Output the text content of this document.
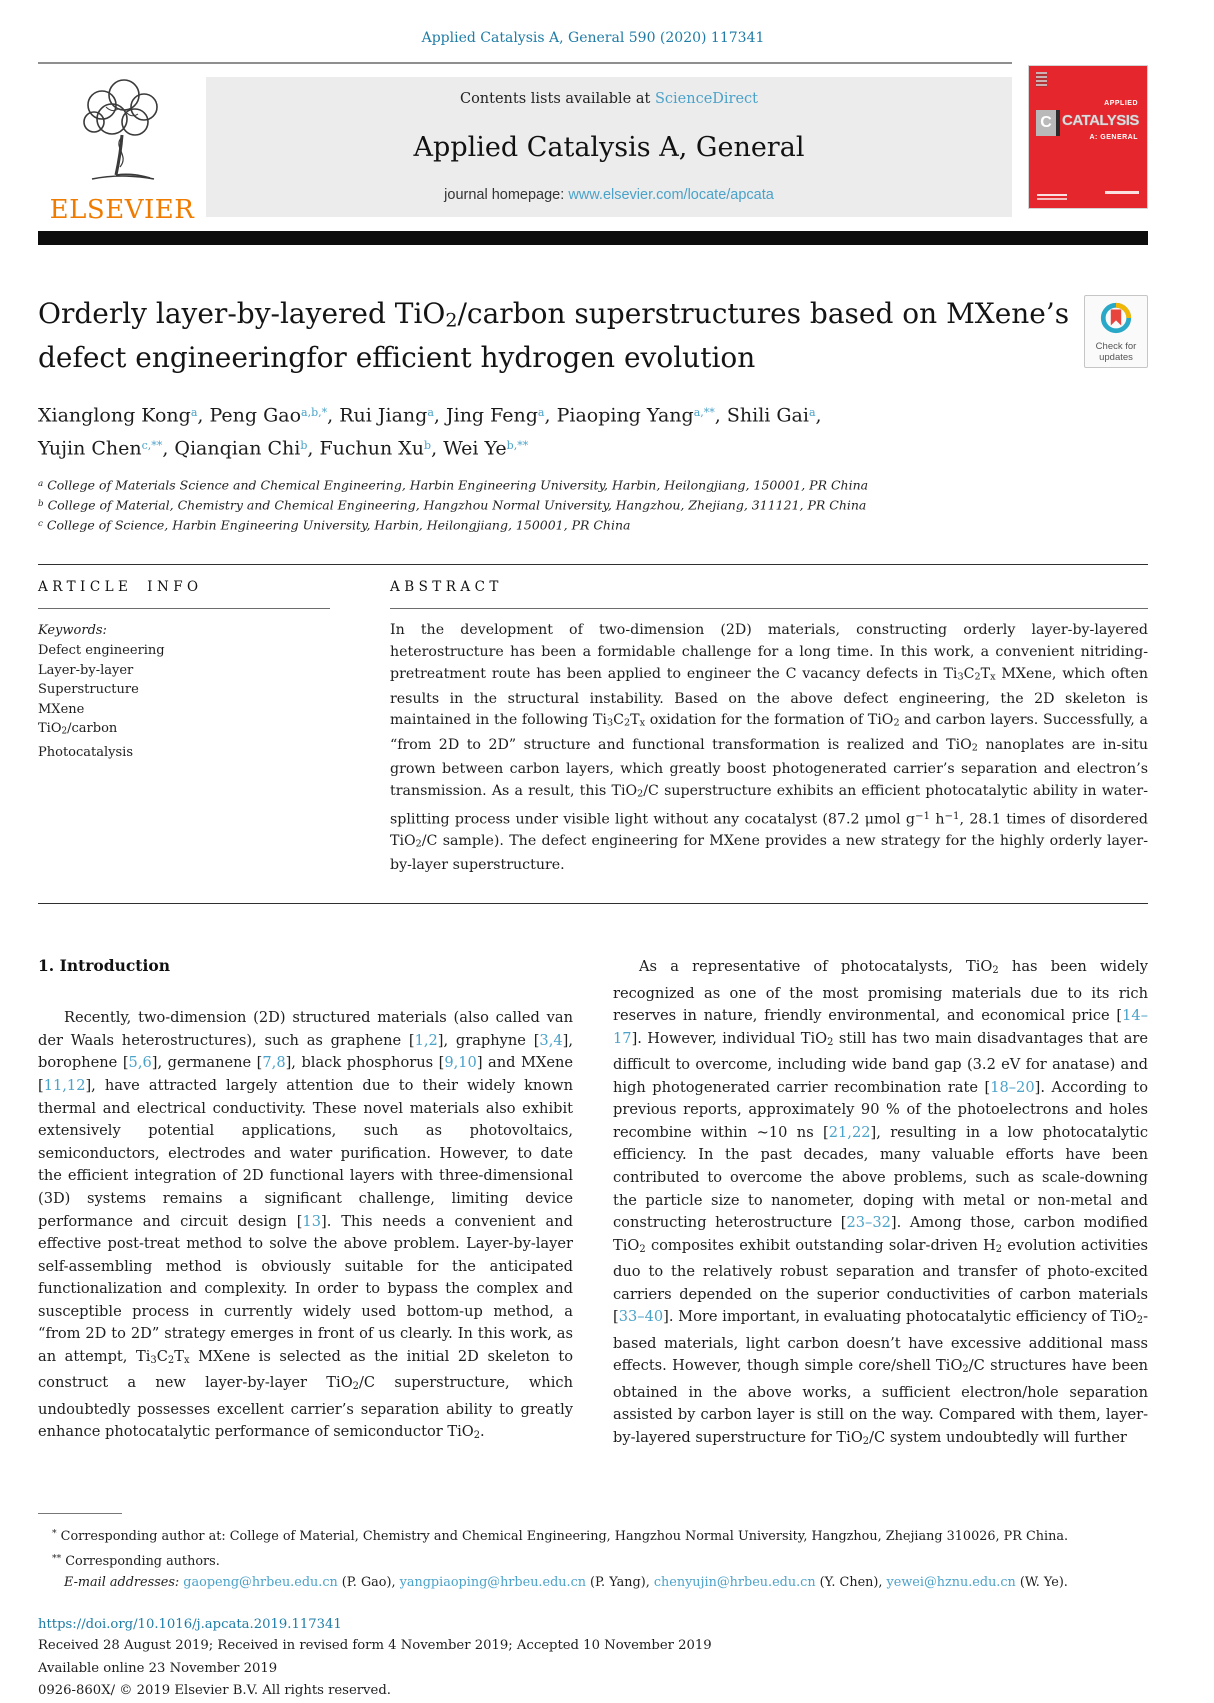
Applied Catalysis A, General 590 (2020) 117341
ELSEVIER
Contents lists available at ScienceDirect
Applied Catalysis A, General
journal homepage: www.elsevier.com/locate/apcata
APPLIED
C CATALYSIS
A: GENERAL
Orderly layer-by-layered TiO2/carbon superstructures based on MXene’s
defect engineeringfor efficient hydrogen evolution	Check for
updates
Xianglong Kong$^a$, Peng Gao$^{a,b,*}$, Rui Jiang$^a$, Jing Feng$^a$, Piaoping Yang$^{a,**}$, Shili Gai$^a$,
Yujin Chen$^{c,**}$, Qianqian Chi$^b$, Fuchun Xu$^b$, Wei $Ye^{b,**}$
$^a$ College of Materials Science and Chemical Engineering, Harbin Engineering University, Harbin, Heilongjiang, 150001, PR China
$^b$ College of Material, Chemistry and Chemical Engineering, Hangzhou Normal University, Hangzhou, Zhejiang, 311121, PR China
$^c$ College of Science, Harbin Engineering University, Harbin, Heilongjiang, 150001, PR China
ARTICLE INFO
Keywords:
Defect engineering
Layer-by-layer
Superstructure
MXene
TiO2/carbon
Photocatalysis
ABSTRACT

In the development of two-dimension (2D) materials, constructing orderly layer-by-layered heterostructure has been a formidable challenge for a long time. In this work, a convenient nitriding-pretreatment route has been applied to engineer the C vacancy defects in Ti3C2Tx MXene, which often results in the structural instability. Based on the above defect engineering, the 2D skeleton is maintained in the following Ti3C2Tx oxidation for the formation of TiO2 and carbon layers. Successfully, a “from 2D to 2D” structure and functional transformation is realized and TiO2 nanoplates are in-situ grown between carbon layers, which greatly boost photogenerated carrier’s separation and electron’s transmission. As a result, this TiO2/C superstructure exhibits an efficient photocatalytic ability in water-splitting process under visible light without any cocatalyst (87.2 μmol $g^{-1}$ $h^{-1}$, 28.1 times of disordered TiO2/C sample). The defect engineering for MXene provides a new strategy for the highly orderly layer-by-layer superstructure.

1. Introduction

Recently, two-dimension (2D) structured materials (also called van der Waals heterostructures), such as graphene [1,2], graphyne [3,4], borophene [5,6], germanene [7,8], black phosphorus [9,10] and MXene [11,12], have attracted largely attention due to their widely known thermal and electrical conductivity. These novel materials also exhibit extensively potential applications, such as photovoltaics, semiconductors, electrodes and water purification. However, to date the efficient integration of 2D functional layers with three-dimensional (3D) systems remains a significant challenge, limiting device performance and circuit design [13]. This needs a convenient and effective post-treat method to solve the above problem. Layer-by-layer self-assembling method is obviously suitable for the anticipated functionalization and complexity. In order to bypass the complex and susceptible process in currently widely used bottom-up method, a “from 2D to 2D” strategy emerges in front of us clearly. In this work, as an attempt, Ti3C2Tx MXene is selected as the initial 2D skeleton to construct a new layer-by-layer TiO2/C superstructure, which undoubtedly possesses excellent carrier’s separation ability to greatly enhance photocatalytic performance of semiconductor TiO2.

As a representative of photocatalysts, TiO2 has been widely recognized as one of the most promising materials due to its rich reserves in nature, friendly environmental, and economical price [14–17]. However, individual TiO2 still has two main disadvantages that are difficult to overcome, including wide band gap (3.2 eV for anatase) and high photogenerated carrier recombination rate [18–20]. According to previous reports, approximately 90 % of the photoelectrons and holes recombine within ~10 ns [21,22], resulting in a low photocatalytic efficiency. In the past decades, many valuable efforts have been contributed to overcome the above problems, such as scale-downing the particle size to nanometer, doping with metal or non-metal and constructing heterostructure [23–32]. Among those, carbon modified TiO2 composites exhibit outstanding solar-driven H2 evolution activities duo to the relatively robust separation and transfer of photo-excited carriers depended on the superior conductivities of carbon materials [33–40]. More important, in evaluating photocatalytic efficiency of TiO2-based materials, light carbon doesn’t have excessive additional mass effects. However, though simple core/shell TiO2/C structures have been obtained in the above works, a sufficient electron/hole separation assisted by carbon layer is still on the way. Compared with them, layer-by-layered superstructure for TiO2/C system undoubtedly will further

* Corresponding author at: College of Material, Chemistry and Chemical Engineering, Hangzhou Normal University, Hangzhou, Zhejiang 310026, PR China.
** Corresponding authors.
E-mail addresses: gaopeng@hrbeu.edu.cn (P. Gao), yangpiaoping@hrbeu.edu.cn (P. Yang), chenyujin@hrbeu.edu.cn (Y. Chen), yewei@hznu.edu.cn (W. Ye).
https://doi.org/10.1016/j.apcata.2019.117341
Received 28 August 2019; Received in revised form 4 November 2019; Accepted 10 November 2019
Available online 23 November 2019
0926-860X/ © 2019 Elsevier B.V. All rights reserved.
